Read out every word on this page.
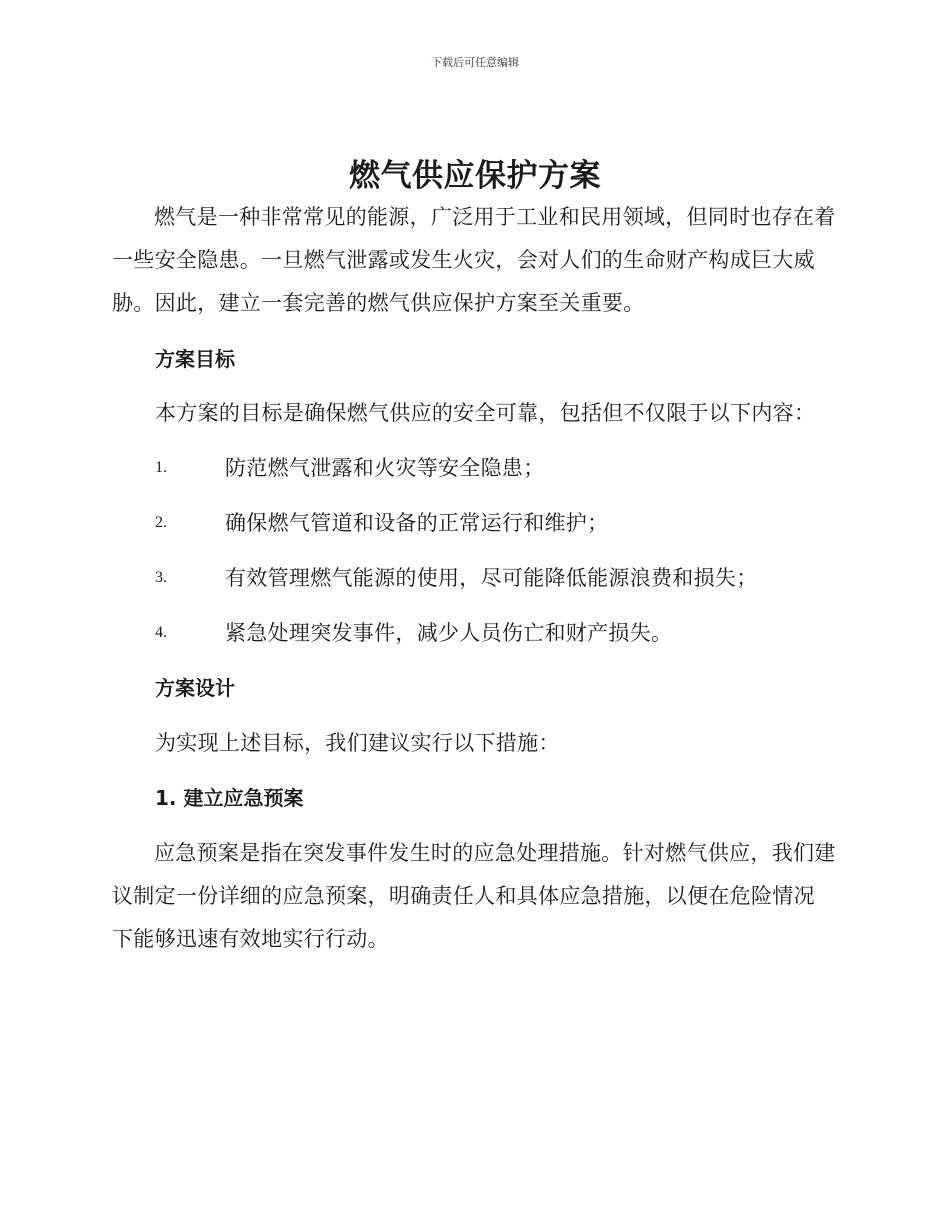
下载后可任意编辑
燃气供应保护方案

燃气是一种非常常见的能源，广泛用于工业和民用领域，但同时也存在着一些安全隐患。一旦燃气泄露或发生火灾，会对人们的生命财产构成巨大威胁。因此，建立一套完善的燃气供应保护方案至关重要。

方案目标
本方案的目标是确保燃气供应的安全可靠，包括但不仅限于以下内容：
1.	防范燃气泄露和火灾等安全隐患；
2.	确保燃气管道和设备的正常运行和维护；
3.	有效管理燃气能源的使用，尽可能降低能源浪费和损失；
4.	紧急处理突发事件，减少人员伤亡和财产损失。
方案设计
为实现上述目标，我们建议实行以下措施：
1. 建立应急预案

应急预案是指在突发事件发生时的应急处理措施。针对燃气供应，我们建议制定一份详细的应急预案，明确责任人和具体应急措施，以便在危险情况下能够迅速有效地实行行动。
